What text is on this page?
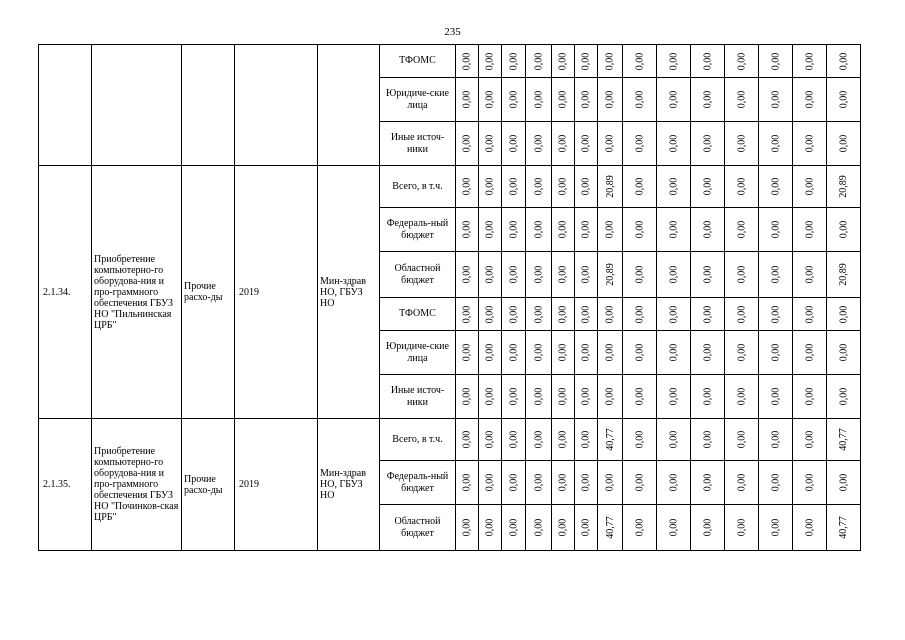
235
					ТФОМС	0,00	0,00	0,00	0,00	0,00	0,00	0,00	0,00	0,00	0,00	0,00	0,00	0,00	0,00
					Юридиче-ские лица	0,00	0,00	0,00	0,00	0,00	0,00	0,00	0,00	0,00	0,00	0,00	0,00	0,00	0,00
					Иные источ-ники	0,00	0,00	0,00	0,00	0,00	0,00	0,00	0,00	0,00	0,00	0,00	0,00	0,00	0,00
2.1.34.	Приобретение компьютерно-го оборудова-ния и про-граммного обеспечения ГБУЗ НО "Пильнинская ЦРБ"	Прочие расхо-ды	2019	Мин-здрав НО, ГБУЗ НО	Всего, в т.ч.	0,00	0,00	0,00	0,00	0,00	0,00	20,89	0,00	0,00	0,00	0,00	0,00	0,00	20,89
					Федераль-ный бюджет	0,00	0,00	0,00	0,00	0,00	0,00	0,00	0,00	0,00	0,00	0,00	0,00	0,00	0,00
					Областной бюджет	0,00	0,00	0,00	0,00	0,00	0,00	20,89	0,00	0,00	0,00	0,00	0,00	0,00	20,89
					ТФОМС	0,00	0,00	0,00	0,00	0,00	0,00	0,00	0,00	0,00	0,00	0,00	0,00	0,00	0,00
					Юридиче-ские лица	0,00	0,00	0,00	0,00	0,00	0,00	0,00	0,00	0,00	0,00	0,00	0,00	0,00	0,00
					Иные источ-ники	0,00	0,00	0,00	0,00	0,00	0,00	0,00	0,00	0,00	0,00	0,00	0,00	0,00	0,00
2.1.35.	Приобретение компьютерно-го оборудова-ния и про-граммного обеспечения ГБУЗ НО "Починков-ская ЦРБ"	Прочие расхо-ды	2019	Мин-здрав НО, ГБУЗ НО	Всего, в т.ч.	0,00	0,00	0,00	0,00	0,00	0,00	40,77	0,00	0,00	0,00	0,00	0,00	0,00	40,77
					Федераль-ный бюджет	0,00	0,00	0,00	0,00	0,00	0,00	0,00	0,00	0,00	0,00	0,00	0,00	0,00	0,00
					Областной бюджет	0,00	0,00	0,00	0,00	0,00	0,00	40,77	0,00	0,00	0,00	0,00	0,00	0,00	40,77
